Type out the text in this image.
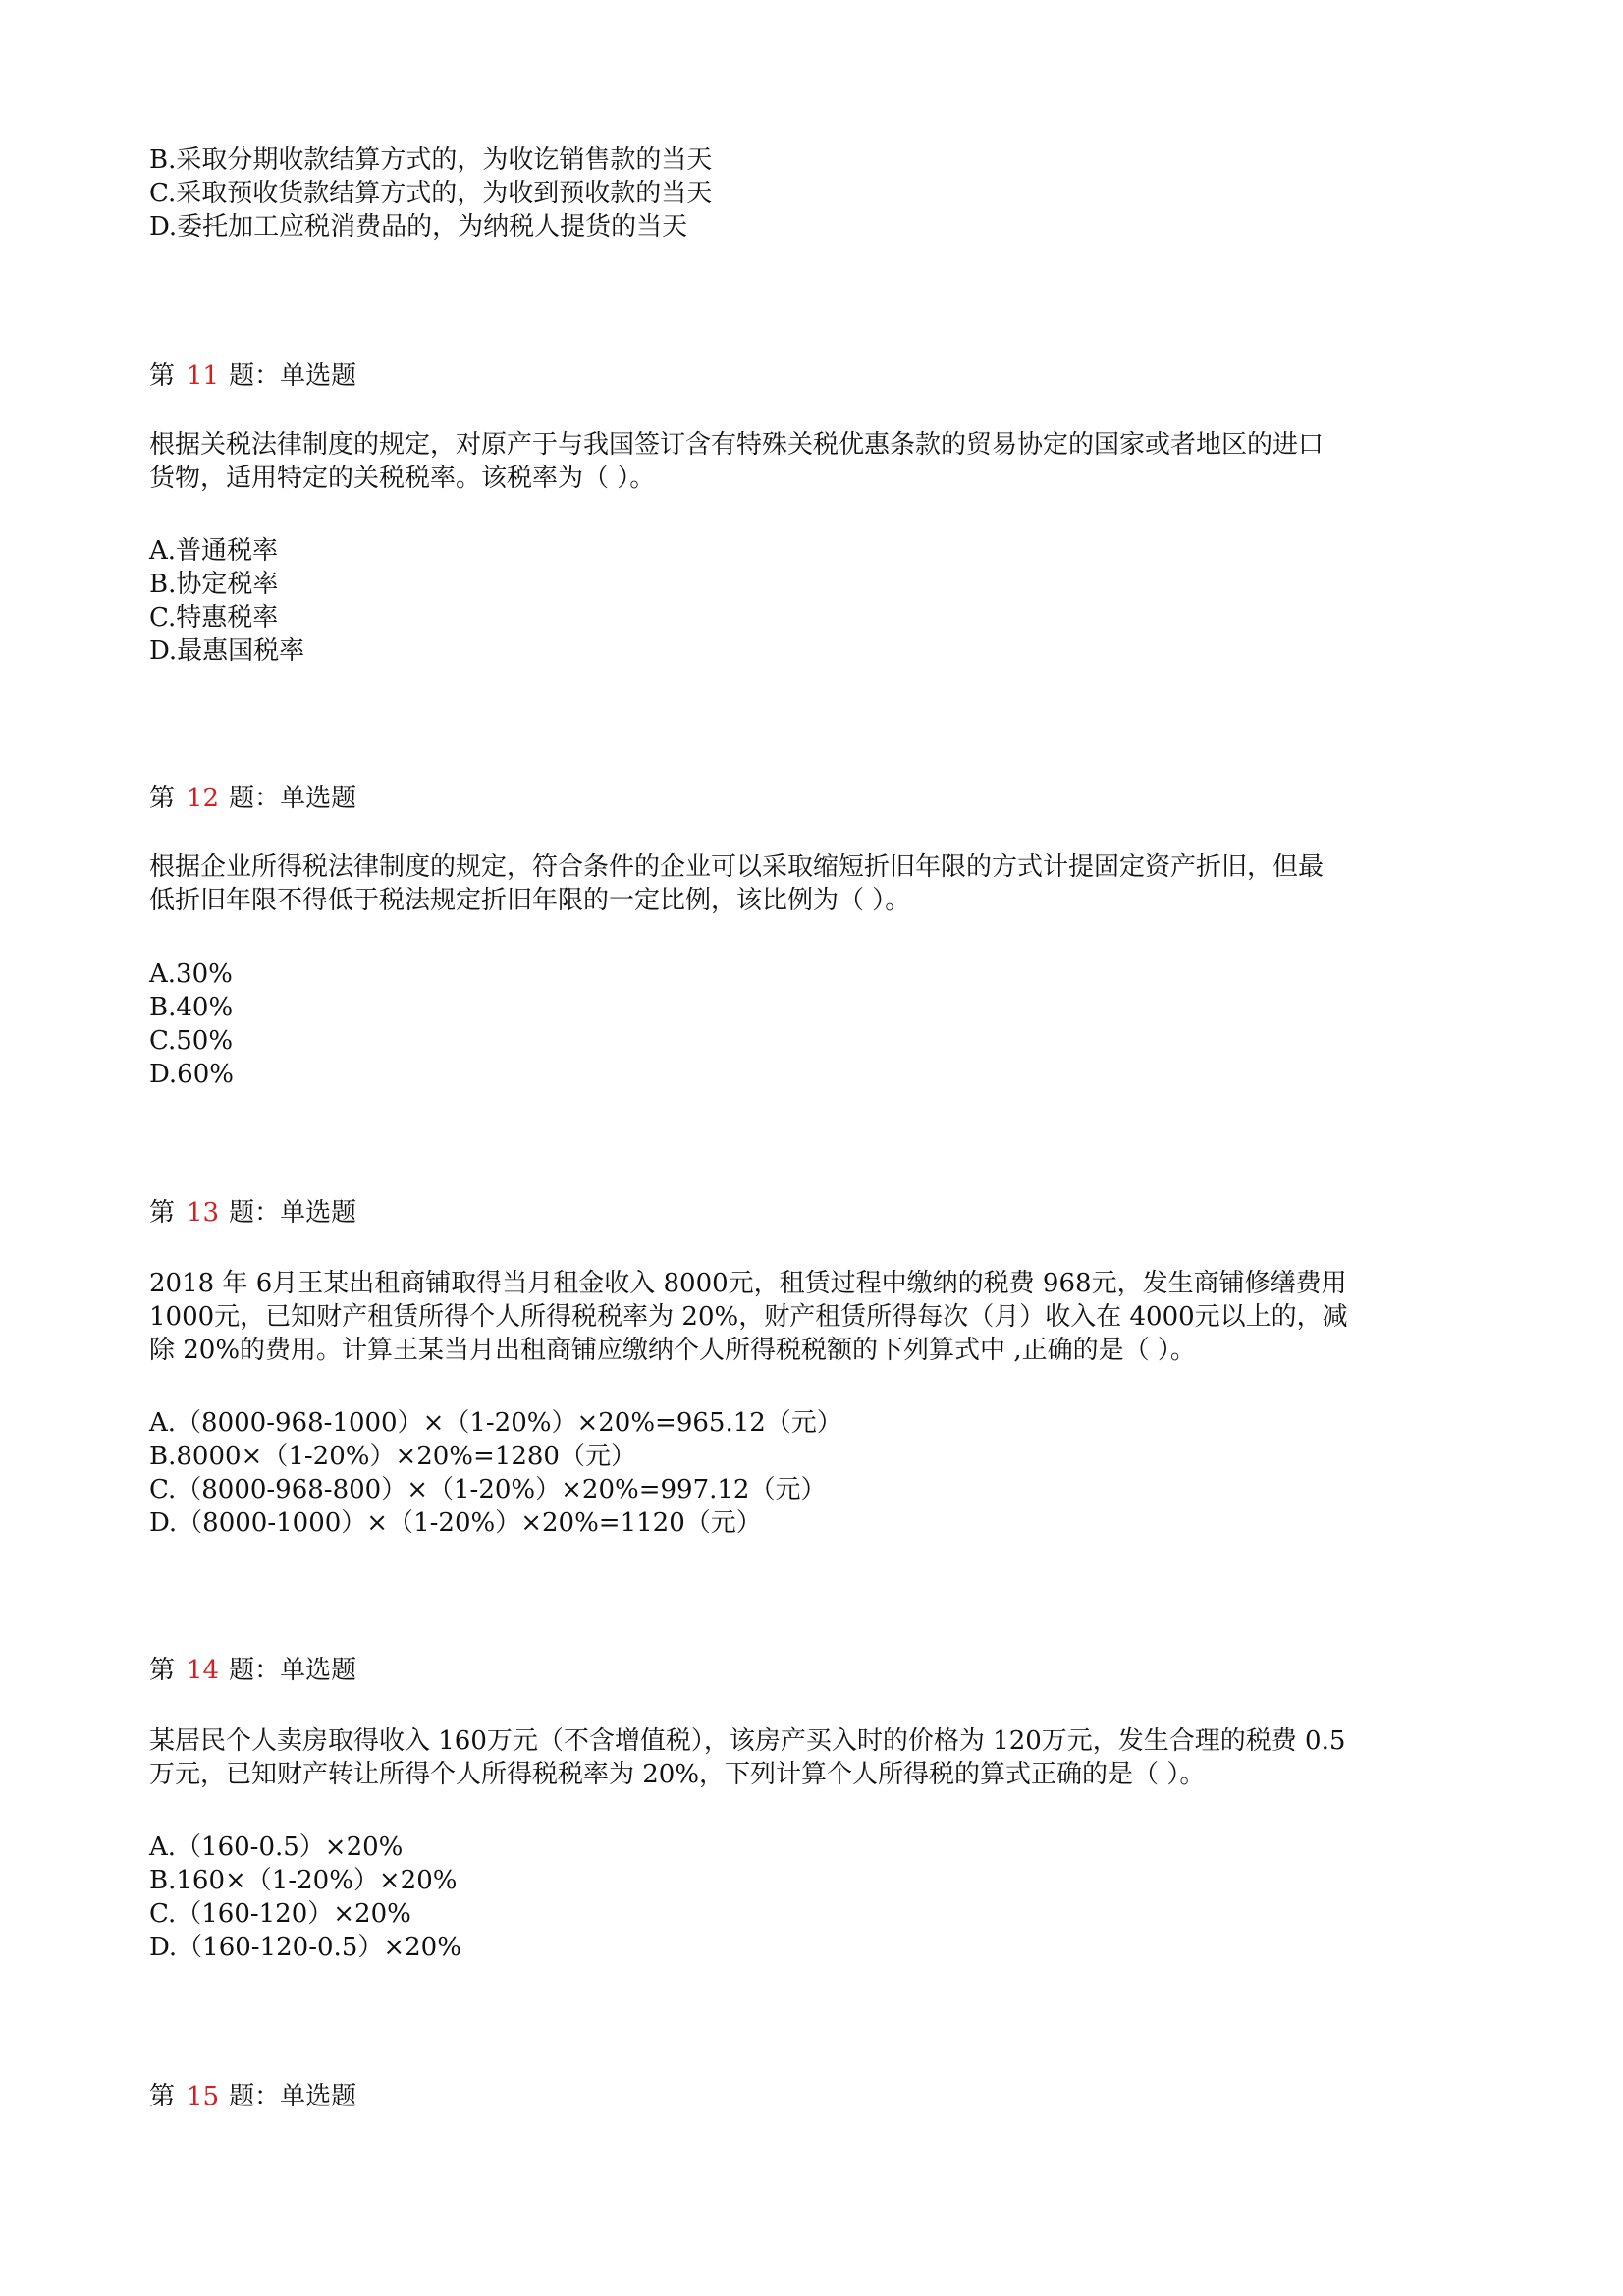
B.采取分期收款结算方式的，为收讫销售款的当天

C.采取预收货款结算方式的，为收到预收款的当天

D.委托加工应税消费品的，为纳税人提货的当天

第 11 题：单选题

根据关税法律制度的规定，对原产于与我国签订含有特殊关税优惠条款的贸易协定的国家或者地区的进口

货物，适用特定的关税税率。该税率为（ ）。

A.普通税率

B.协定税率

C.特惠税率

D.最惠国税率

第 12 题：单选题

根据企业所得税法律制度的规定，符合条件的企业可以采取缩短折旧年限的方式计提固定资产折旧，但最

低折旧年限不得低于税法规定折旧年限的一定比例，该比例为（ ）。

A.30%

B.40%

C.50%

D.60%

第 13 题：单选题

2018 年 6月王某出租商铺取得当月租金收入 8000元，租赁过程中缴纳的税费 968元，发生商铺修缮费用

1000元，已知财产租赁所得个人所得税税率为 20%，财产租赁所得每次（月）收入在 4000元以上的，减

除 20%的费用。计算王某当月出租商铺应缴纳个人所得税税额的下列算式中 ,正确的是（ ）。

A.（8000-968-1000）×（1-20%）×20%=965.12（元）

B.8000×（1-20%）×20%=1280（元）

C.（8000-968-800）×（1-20%）×20%=997.12（元）

D.（8000-1000）×（1-20%）×20%=1120（元）

第 14 题：单选题

某居民个人卖房取得收入 160万元（不含增值税），该房产买入时的价格为 120万元，发生合理的税费 0.5

万元，已知财产转让所得个人所得税税率为 20%，下列计算个人所得税的算式正确的是（ ）。

A.（160-0.5）×20%

B.160×（1-20%）×20%

C.（160-120）×20%

D.（160-120-0.5）×20%

第 15 题：单选题
